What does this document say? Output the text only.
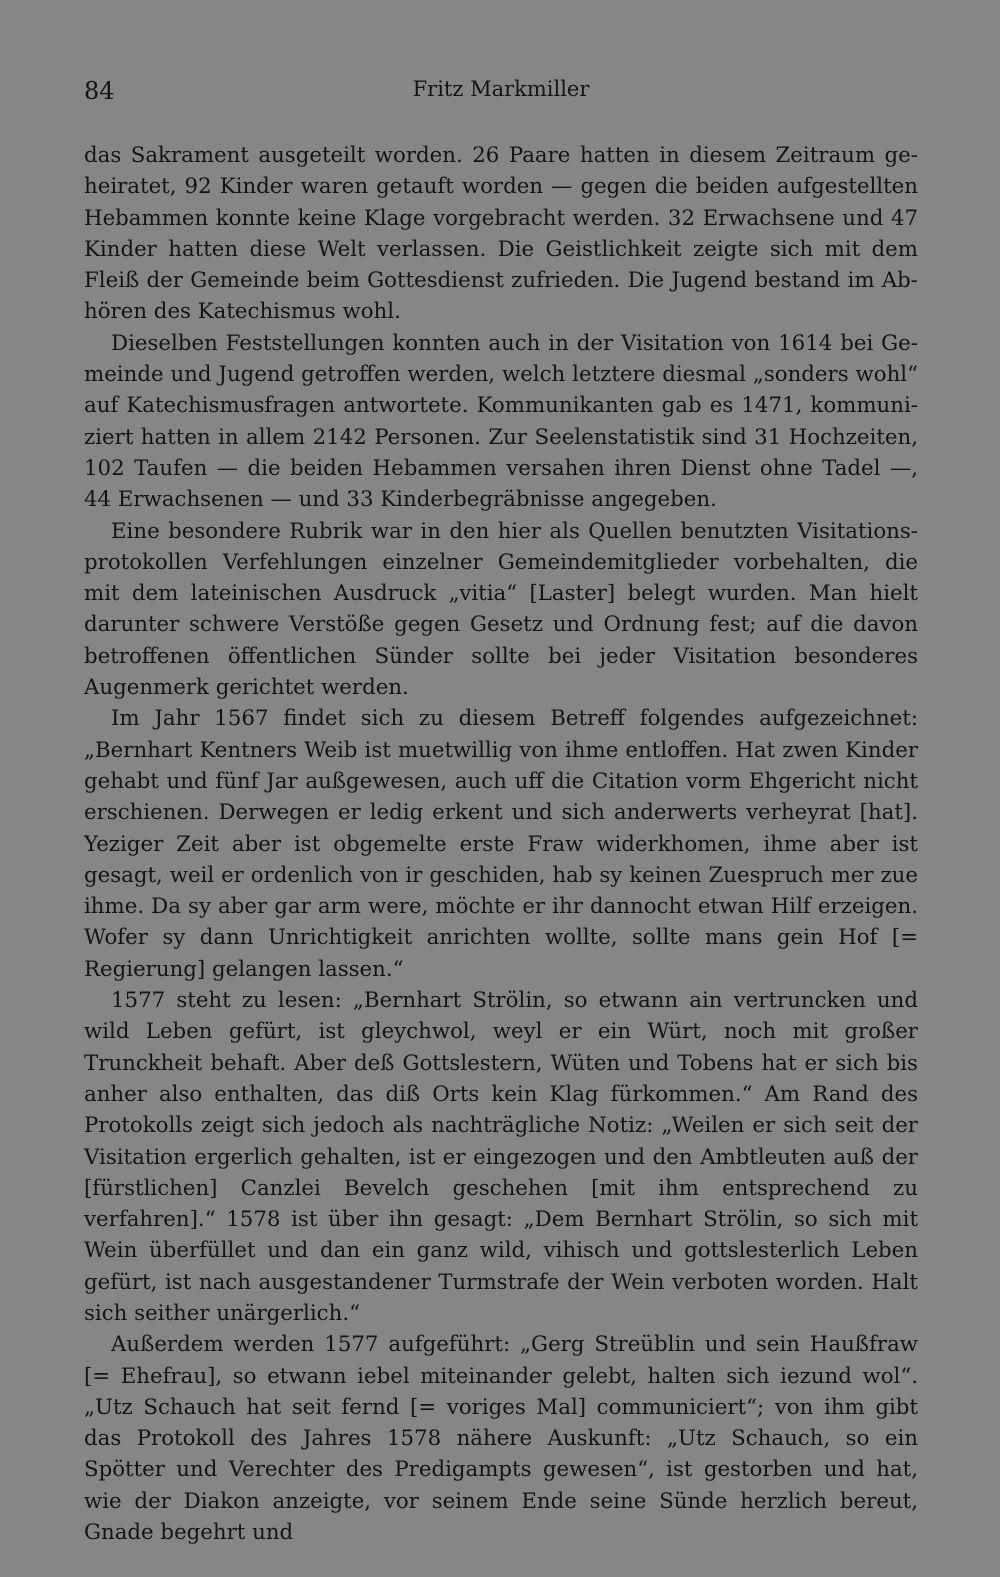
84	Fritz Markmiller

das Sakrament ausgeteilt worden. 26 Paare hatten in diesem Zeitraum geheiratet, 92 Kinder waren getauft worden — gegen die beiden aufgestellten Hebammen konnte keine Klage vorgebracht werden. 32 Erwachsene und 47 Kinder hatten diese Welt verlassen. Die Geistlichkeit zeigte sich mit dem Fleiß der Gemeinde beim Gottesdienst zufrieden. Die Jugend bestand im Abhören des Katechismus wohl.

Dieselben Feststellungen konnten auch in der Visitation von 1614 bei Gemeinde und Jugend getroffen werden, welch letztere diesmal „sonders wohl“ auf Katechismusfragen antwortete. Kommunikanten gab es 1471, kommuniziert hatten in allem 2142 Personen. Zur Seelenstatistik sind 31 Hochzeiten, 102 Taufen — die beiden Hebammen versahen ihren Dienst ohne Tadel —, 44 Erwachsenen — und 33 Kinderbegräbnisse angegeben.

Eine besondere Rubrik war in den hier als Quellen benutzten Visitationsprotokollen Verfehlungen einzelner Gemeindemitglieder vorbehalten, die mit dem lateinischen Ausdruck „vitia“ [Laster] belegt wurden. Man hielt darunter schwere Verstöße gegen Gesetz und Ordnung fest; auf die davon betroffenen öffentlichen Sünder sollte bei jeder Visitation besonderes Augenmerk gerichtet werden.

Im Jahr 1567 findet sich zu diesem Betreff folgendes aufgezeichnet: „Bernhart Kentners Weib ist muetwillig von ihme entloffen. Hat zwen Kinder gehabt und fünf Jar außgewesen, auch uff die Citation vorm Ehgericht nicht erschienen. Derwegen er ledig erkent und sich anderwerts verheyrat [hat]. Yeziger Zeit aber ist obgemelte erste Fraw widerkhomen, ihme aber ist gesagt, weil er ordenlich von ir geschiden, hab sy keinen Zuespruch mer zue ihme. Da sy aber gar arm were, möchte er ihr dannocht etwan Hilf erzeigen. Wofer sy dann Unrichtigkeit anrichten wollte, sollte mans gein Hof [= Regierung] gelangen lassen.“

1577 steht zu lesen: „Bernhart Strölin, so etwann ain vertruncken und wild Leben gefürt, ist gleychwol, weyl er ein Würt, noch mit großer Trunckheit behaft. Aber deß Gottslestern, Wüten und Tobens hat er sich bis anher also enthalten, das diß Orts kein Klag fürkommen.“ Am Rand des Protokolls zeigt sich jedoch als nachträgliche Notiz: „Weilen er sich seit der Visitation ergerlich gehalten, ist er eingezogen und den Ambtleuten auß der [fürstlichen] Canzlei Bevelch geschehen [mit ihm entsprechend zu verfahren].“ 1578 ist über ihn gesagt: „Dem Bernhart Strölin, so sich mit Wein überfüllet und dan ein ganz wild, vihisch und gottslesterlich Leben gefürt, ist nach ausgestandener Turmstrafe der Wein verboten worden. Halt sich seither unärgerlich.“

Außerdem werden 1577 aufgeführt: „Gerg Streüblin und sein Haußfraw [= Ehefrau], so etwann iebel miteinander gelebt, halten sich iezund wol“. „Utz Schauch hat seit fernd [= voriges Mal] communiciert“; von ihm gibt das Protokoll des Jahres 1578 nähere Auskunft: „Utz Schauch, so ein Spötter und Verechter des Predigampts gewesen“, ist gestorben und hat, wie der Diakon anzeigte, vor seinem Ende seine Sünde herzlich bereut, Gnade begehrt und
